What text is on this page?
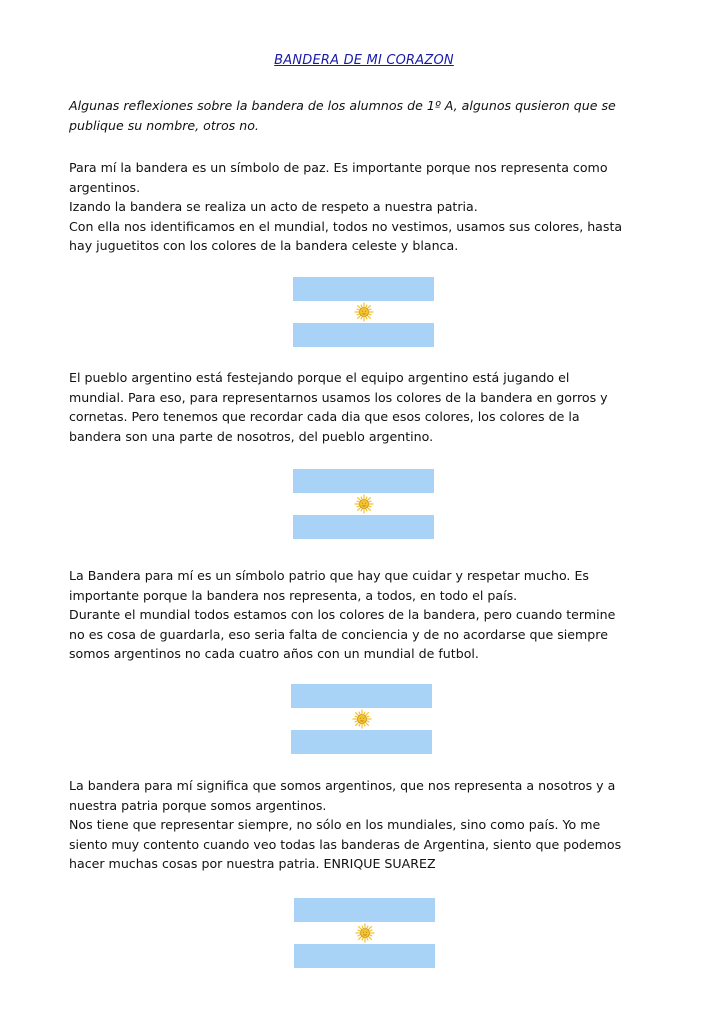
BANDERA DE MI CORAZON
Algunas reflexiones sobre la bandera de los alumnos de 1º A, algunos qusieron que se
publique su nombre, otros no.
Para mí la bandera es un símbolo de paz. Es importante porque nos representa como
argentinos.
Izando la bandera se realiza un acto de respeto a nuestra patria.
Con ella nos identificamos en el mundial, todos no vestimos, usamos sus colores, hasta
hay juguetitos con los colores de la bandera celeste y blanca.
El pueblo argentino está festejando porque el equipo argentino está jugando el
mundial. Para eso, para representarnos usamos los colores de la bandera en gorros y
cornetas. Pero tenemos que recordar cada dia que esos colores, los colores de la
bandera son una parte de nosotros, del pueblo argentino.
La Bandera para mí es un símbolo patrio que hay que cuidar y respetar mucho. Es
importante porque la bandera nos representa, a todos, en todo el país.
Durante el mundial todos estamos con los colores de la bandera, pero cuando termine
no es cosa de guardarla, eso seria falta de conciencia y de no acordarse que siempre
somos argentinos no cada cuatro años con un mundial de futbol.
La bandera para mí significa que somos argentinos, que nos representa a nosotros y a
nuestra patria porque somos argentinos.
Nos tiene que representar siempre, no sólo en los mundiales, sino como país. Yo me
siento muy contento cuando veo todas las banderas de Argentina, siento que podemos
hacer muchas cosas por nuestra patria. ENRIQUE SUAREZ
